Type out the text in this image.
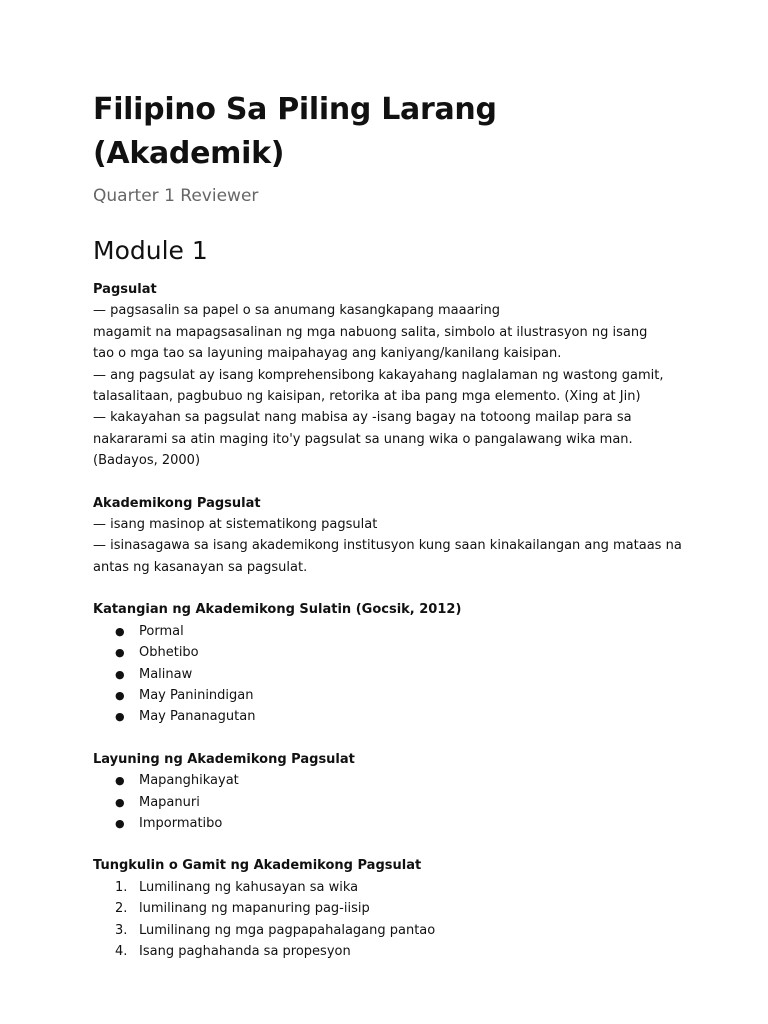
Filipino Sa Piling Larang (Akademik)
Quarter 1 Reviewer
Module 1
Pagsulat
— pagsasalin sa papel o sa anumang kasangkapang maaaring
magamit na mapagsasalinan ng mga nabuong salita, simbolo at ilustrasyon ng isang
tao o mga tao sa layuning maipahayag ang kaniyang/kanilang kaisipan.
— ang pagsulat ay isang komprehensibong kakayahang naglalaman ng wastong gamit,
talasalitaan, pagbubuo ng kaisipan, retorika at iba pang mga elemento. (Xing at Jin)
— kakayahan sa pagsulat nang mabisa ay -isang bagay na totoong mailap para sa
nakararami sa atin maging ito'y pagsulat sa unang wika o pangalawang wika man.
(Badayos, 2000)
Akademikong Pagsulat
— isang masinop at sistematikong pagsulat
— isinasagawa sa isang akademikong institusyon kung saan kinakailangan ang mataas na
antas ng kasanayan sa pagsulat.
Katangian ng Akademikong Sulatin (Gocsik, 2012)
● Pormal
● Obhetibo
● Malinaw
● May Paninindigan
● May Pananagutan
Layuning ng Akademikong Pagsulat
● Mapanghikayat
● Mapanuri
● Impormatibo
Tungkulin o Gamit ng Akademikong Pagsulat
1. Lumilinang ng kahusayan sa wika
2. lumilinang ng mapanuring pag-iisip
3. Lumilinang ng mga pagpapahalagang pantao
4. Isang paghahanda sa propesyon
